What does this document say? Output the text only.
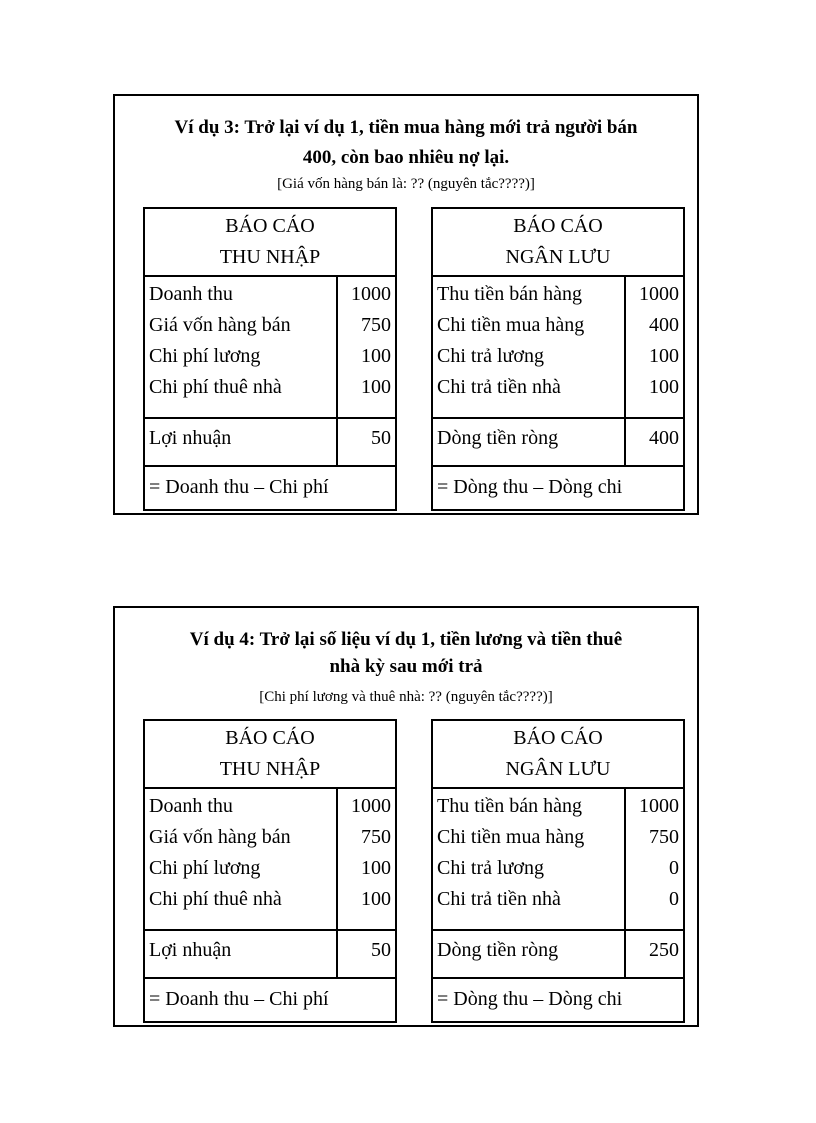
Ví dụ 3: Trở lại ví dụ 1, tiền mua hàng mới trả người bán
400, còn bao nhiêu nợ lại.
[Giá vốn hàng bán là: ?? (nguyên tắc????)]
BÁO CÁO
THU NHẬP
Doanh thu	1000
Giá vốn hàng bán	750
Chi phí lương	100
Chi phí thuê nhà	100
Lợi nhuận	50
= Doanh thu – Chi phí
BÁO CÁO
NGÂN LƯU
Thu tiền bán hàng	1000
Chi tiền mua hàng	400
Chi trả lương	100
Chi trả tiền nhà	100
Dòng tiền ròng	400
= Dòng thu – Dòng chi
Ví dụ 4: Trở lại số liệu ví dụ 1, tiền lương và tiền thuê
nhà kỳ sau mới trả
[Chi phí lương và thuê nhà: ?? (nguyên tắc????)]
BÁO CÁO
THU NHẬP
Doanh thu	1000
Giá vốn hàng bán	750
Chi phí lương	100
Chi phí thuê nhà	100
Lợi nhuận	50
= Doanh thu – Chi phí
BÁO CÁO
NGÂN LƯU
Thu tiền bán hàng	1000
Chi tiền mua hàng	750
Chi trả lương	0
Chi trả tiền nhà	0
Dòng tiền ròng	250
= Dòng thu – Dòng chi
